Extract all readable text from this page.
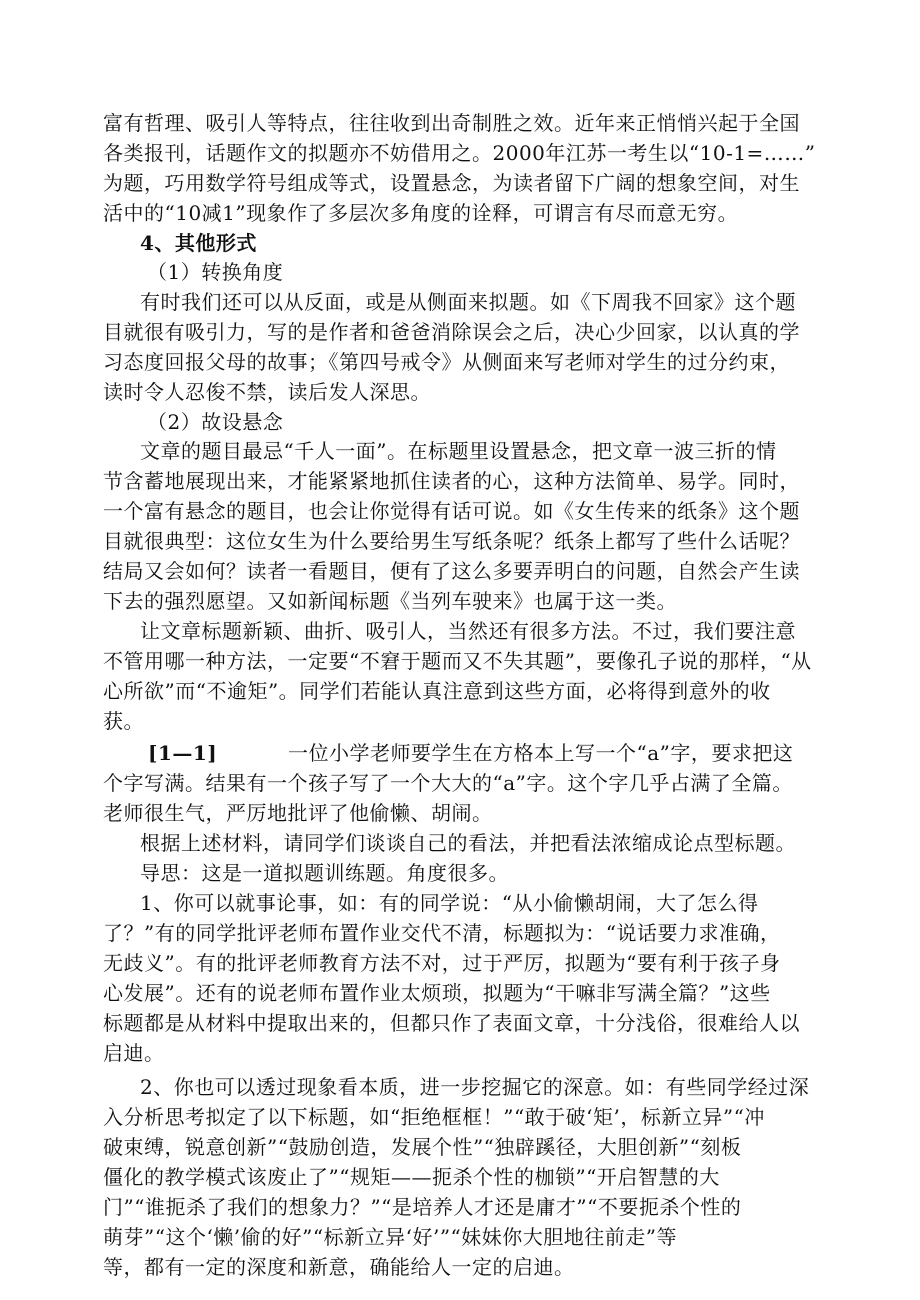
富有哲理、吸引人等特点，往往收到出奇制胜之效。近年来正悄悄兴起于全国
各类报刊，话题作文的拟题亦不妨借用之。2000年江苏一考生以“10-1=……”
为题，巧用数学符号组成等式，设置悬念，为读者留下广阔的想象空间，对生
活中的“10减1”现象作了多层次多角度的诠释，可谓言有尽而意无穷。
4、其他形式
（1）转换角度
有时我们还可以从反面，或是从侧面来拟题。如《下周我不回家》这个题
目就很有吸引力，写的是作者和爸爸消除误会之后，决心少回家，以认真的学
习态度回报父母的故事；《第四号戒令》从侧面来写老师对学生的过分约束，
读时令人忍俊不禁，读后发人深思。
（2）故设悬念
文章的题目最忌“千人一面”。在标题里设置悬念，把文章一波三折的情
节含蓄地展现出来，才能紧紧地抓住读者的心，这种方法简单、易学。同时，
一个富有悬念的题目，也会让你觉得有话可说。如《女生传来的纸条》这个题
目就很典型：这位女生为什么要给男生写纸条呢？纸条上都写了些什么话呢？
结局又会如何？读者一看题目，便有了这么多要弄明白的问题，自然会产生读
下去的强烈愿望。又如新闻标题《当列车驶来》也属于这一类。
让文章标题新颖、曲折、吸引人，当然还有很多方法。不过，我们要注意
不管用哪一种方法，一定要“不窘于题而又不失其题”，要像孔子说的那样，“从
心所欲”而“不逾矩”。同学们若能认真注意到这些方面，必将得到意外的收
获。
[1—1]	一位小学老师要学生在方格本上写一个“a”字，要求把这
个字写满。结果有一个孩子写了一个大大的“a”字。这个字几乎占满了全篇。
老师很生气，严厉地批评了他偷懒、胡闹。
根据上述材料，请同学们谈谈自己的看法，并把看法浓缩成论点型标题。
导思：这是一道拟题训练题。角度很多。
1、你可以就事论事，如：有的同学说：“从小偷懒胡闹，大了怎么得
了？”有的同学批评老师布置作业交代不清，标题拟为：“说话要力求准确，
无歧义”。有的批评老师教育方法不对，过于严厉，拟题为“要有利于孩子身
心发展”。还有的说老师布置作业太烦琐，拟题为“干嘛非写满全篇？”这些
标题都是从材料中提取出来的，但都只作了表面文章，十分浅俗，很难给人以
启迪。
2、你也可以透过现象看本质，进一步挖掘它的深意。如：有些同学经过深
入分析思考拟定了以下标题，如“拒绝框框！”“敢于破‘矩’，标新立异”“冲
破束缚，锐意创新”“鼓励创造，发展个性”“独辟蹊径，大胆创新”“刻板
僵化的教学模式该废止了”“规矩——扼杀个性的枷锁”“开启智慧的大
门”“谁扼杀了我们的想象力？”“是培养人才还是庸才”“不要扼杀个性的
萌芽”“这个‘懒’偷的好”“标新立异‘好’”“妹妹你大胆地往前走”等
等，都有一定的深度和新意，确能给人一定的启迪。
